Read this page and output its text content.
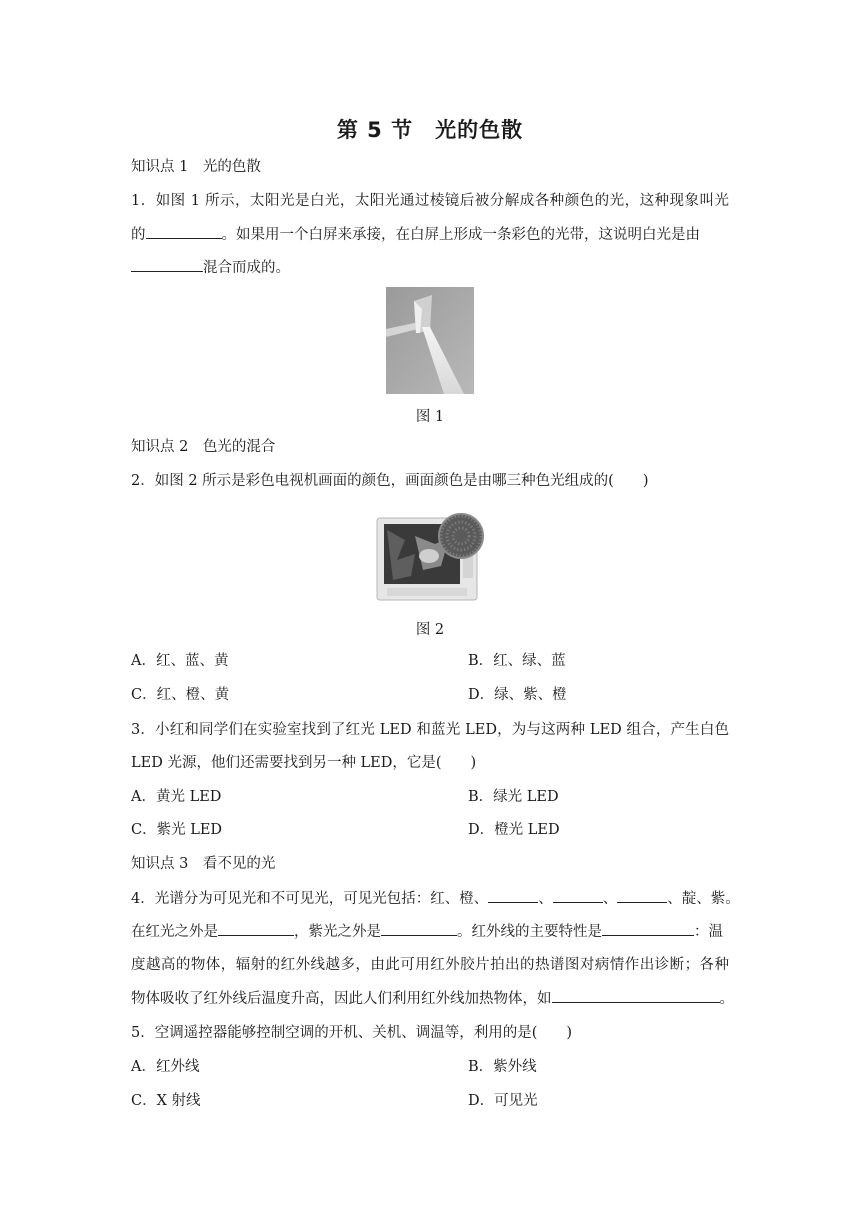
第 5 节　光的色散
知识点 1　光的色散
1．如图 1 所示，太阳光是白光，太阳光通过棱镜后被分解成各种颜色的光，这种现象叫光
的	。如果用一个白屏来承接，在白屏上形成一条彩色的光带，这说明白光是由
混合而成的。
图 1
知识点 2　色光的混合
2．如图 2 所示是彩色电视机画面的颜色，画面颜色是由哪三种色光组成的(　　)
图 2
A．红、蓝、黄	B．红、绿、蓝
C．红、橙、黄	D．绿、紫、橙
3．小红和同学们在实验室找到了红光 LED 和蓝光 LED，为与这两种 LED 组合，产生白色
LED 光源，他们还需要找到另一种 LED，它是(　　)
A．黄光 LED	B．绿光 LED
C．紫光 LED	D．橙光 LED
知识点 3　看不见的光
4．光谱分为可见光和不可见光，可见光包括：红、橙、	、	、	、靛、紫。
在红光之外是	，紫光之外是	。红外线的主要特性是	：温
度越高的物体，辐射的红外线越多，由此可用红外胶片拍出的热谱图对病情作出诊断；各种
物体吸收了红外线后温度升高，因此人们利用红外线加热物体，如	。
5．空调遥控器能够控制空调的开机、关机、调温等，利用的是(　　)
A．红外线	B．紫外线
C．X 射线	D．可见光
